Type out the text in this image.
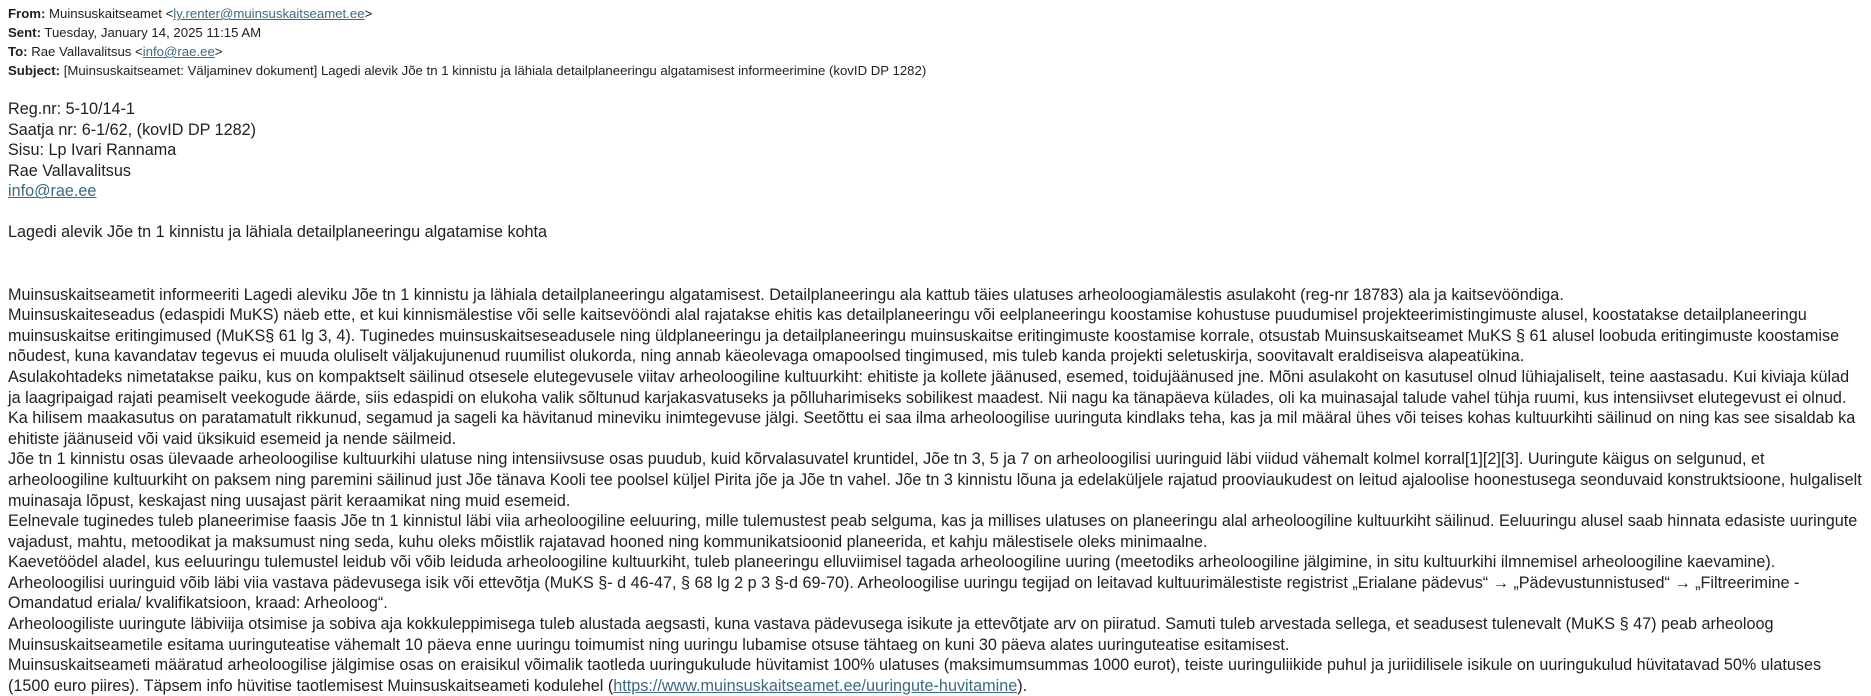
From: Muinsuskaitseamet <ly.renter@muinsuskaitseamet.ee>
Sent: Tuesday, January 14, 2025 11:15 AM
To: Rae Vallavalitsus <info@rae.ee>
Subject: [Muinsuskaitseamet: Väljaminev dokument] Lagedi alevik Jõe tn 1 kinnistu ja lähiala detailplaneeringu algatamisest informeerimine (kovID DP 1282)
Reg.nr: 5-10/14-1
Saatja nr: 6-1/62, (kovID DP 1282)
Sisu: Lp Ivari Rannama
Rae Vallavalitsus
info@rae.ee
Lagedi alevik Jõe tn 1 kinnistu ja lähiala detailplaneeringu algatamise kohta

Muinsuskaitseametit informeeriti Lagedi aleviku Jõe tn 1 kinnistu ja lähiala detailplaneeringu algatamisest. Detailplaneeringu ala kattub täies ulatuses arheoloogiamälestis asulakoht (reg-nr 18783) ala ja kaitsevööndiga.

Muinsuskaiteseadus (edaspidi MuKS) näeb ette, et kui kinnismälestise või selle kaitsevööndi alal rajatakse ehitis kas detailplaneeringu või eelplaneeringu koostamise kohustuse puudumisel projekteerimistingimuste alusel, koostatakse detailplaneeringu muinsuskaitse eritingimused (MuKS§ 61 lg 3, 4). Tuginedes muinsuskaitseseadusele ning üldplaneeringu ja detailplaneeringu muinsuskaitse eritingimuste koostamise korrale, otsustab Muinsuskaitseamet MuKS § 61 alusel loobuda eritingimuste koostamise nõudest, kuna kavandatav tegevus ei muuda oluliselt väljakujunenud ruumilist olukorda, ning annab käeolevaga omapoolsed tingimused, mis tuleb kanda projekti seletuskirja, soovitavalt eraldiseisva alapeatükina.

Asulakohtadeks nimetatakse paiku, kus on kompaktselt säilinud otsesele elutegevusele viitav arheoloogiline kultuurkiht: ehitiste ja kollete jäänused, esemed, toidujäänused jne. Mõni asulakoht on kasutusel olnud lühiajaliselt, teine aastasadu. Kui kiviaja külad ja laagripaigad rajati peamiselt veekogude äärde, siis edaspidi on elukoha valik sõltunud karjakasvatuseks ja põlluharimiseks sobilikest maadest. Nii nagu ka tänapäeva külades, oli ka muinasajal talude vahel tühja ruumi, kus intensiivset elutegevust ei olnud. Ka hilisem maakasutus on paratamatult rikkunud, segamud ja sageli ka hävitanud mineviku inimtegevuse jälgi. Seetõttu ei saa ilma arheoloogilise uuringuta kindlaks teha, kas ja mil määral ühes või teises kohas kultuurkihti säilinud on ning kas see sisaldab ka ehitiste jäänuseid või vaid üksikuid esemeid ja nende säilmeid.

Jõe tn 1 kinnistu osas ülevaade arheoloogilise kultuurkihi ulatuse ning intensiivsuse osas puudub, kuid kõrvalasuvatel kruntidel, Jõe tn 3, 5 ja 7 on arheoloogilisi uuringuid läbi viidud vähemalt kolmel korral[1][2][3]. Uuringute käigus on selgunud, et arheoloogiline kultuurkiht on paksem ning paremini säilinud just Jõe tänava Kooli tee poolsel küljel Pirita jõe ja Jõe tn vahel. Jõe tn 3 kinnistu lõuna ja edelaküljele rajatud prooviaukudest on leitud ajaloolise hoonestusega seonduvaid konstruktsioone, hulgaliselt muinasaja lõpust, keskajast ning uusajast pärit keraamikat ning muid esemeid.

Eelnevale tuginedes tuleb planeerimise faasis Jõe tn 1 kinnistul läbi viia arheoloogiline eeluuring, mille tulemustest peab selguma, kas ja millises ulatuses on planeeringu alal arheoloogiline kultuurkiht säilinud. Eeluuringu alusel saab hinnata edasiste uuringute vajadust, mahtu, metoodikat ja maksumust ning seda, kuhu oleks mõistlik rajatavad hooned ning kommunikatsioonid planeerida, et kahju mälestisele oleks minimaalne.

Kaevetöödel aladel, kus eeluuringu tulemustel leidub või võib leiduda arheoloogiline kultuurkiht, tuleb planeeringu elluviimisel tagada arheoloogiline uuring (meetodiks arheoloogiline jälgimine, in situ kultuurkihi ilmnemisel arheoloogiline kaevamine).

Arheoloogilisi uuringuid võib läbi viia vastava pädevusega isik või ettevõtja (MuKS §- d 46-47, § 68 lg 2 p 3 §-d 69-70). Arheoloogilise uuringu tegijad on leitavad kultuurimälestiste registrist „Erialane pädevus“ → „Pädevustunnistused“ → „Filtreerimine - Omandatud eriala/ kvalifikatsioon, kraad: Arheoloog“.

Arheoloogiliste uuringute läbiviija otsimise ja sobiva aja kokkuleppimisega tuleb alustada aegsasti, kuna vastava pädevusega isikute ja ettevõtjate arv on piiratud. Samuti tuleb arvestada sellega, et seadusest tulenevalt (MuKS § 47) peab arheoloog Muinsuskaitseametile esitama uuringuteatise vähemalt 10 päeva enne uuringu toimumist ning uuringu lubamise otsuse tähtaeg on kuni 30 päeva alates uuringuteatise esitamisest.

Muinsuskaitseameti määratud arheoloogilise jälgimise osas on eraisikul võimalik taotleda uuringukulude hüvitamist 100% ulatuses (maksimumsummas 1000 eurot), teiste uuringuliikide puhul ja juriidilisele isikule on uuringukulud hüvitatavad 50% ulatuses (1500 euro piires). Täpsem info hüvitise taotlemisest Muinsuskaitseameti kodulehel (https://www.muinsuskaitseamet.ee/uuringute-huvitamine).
